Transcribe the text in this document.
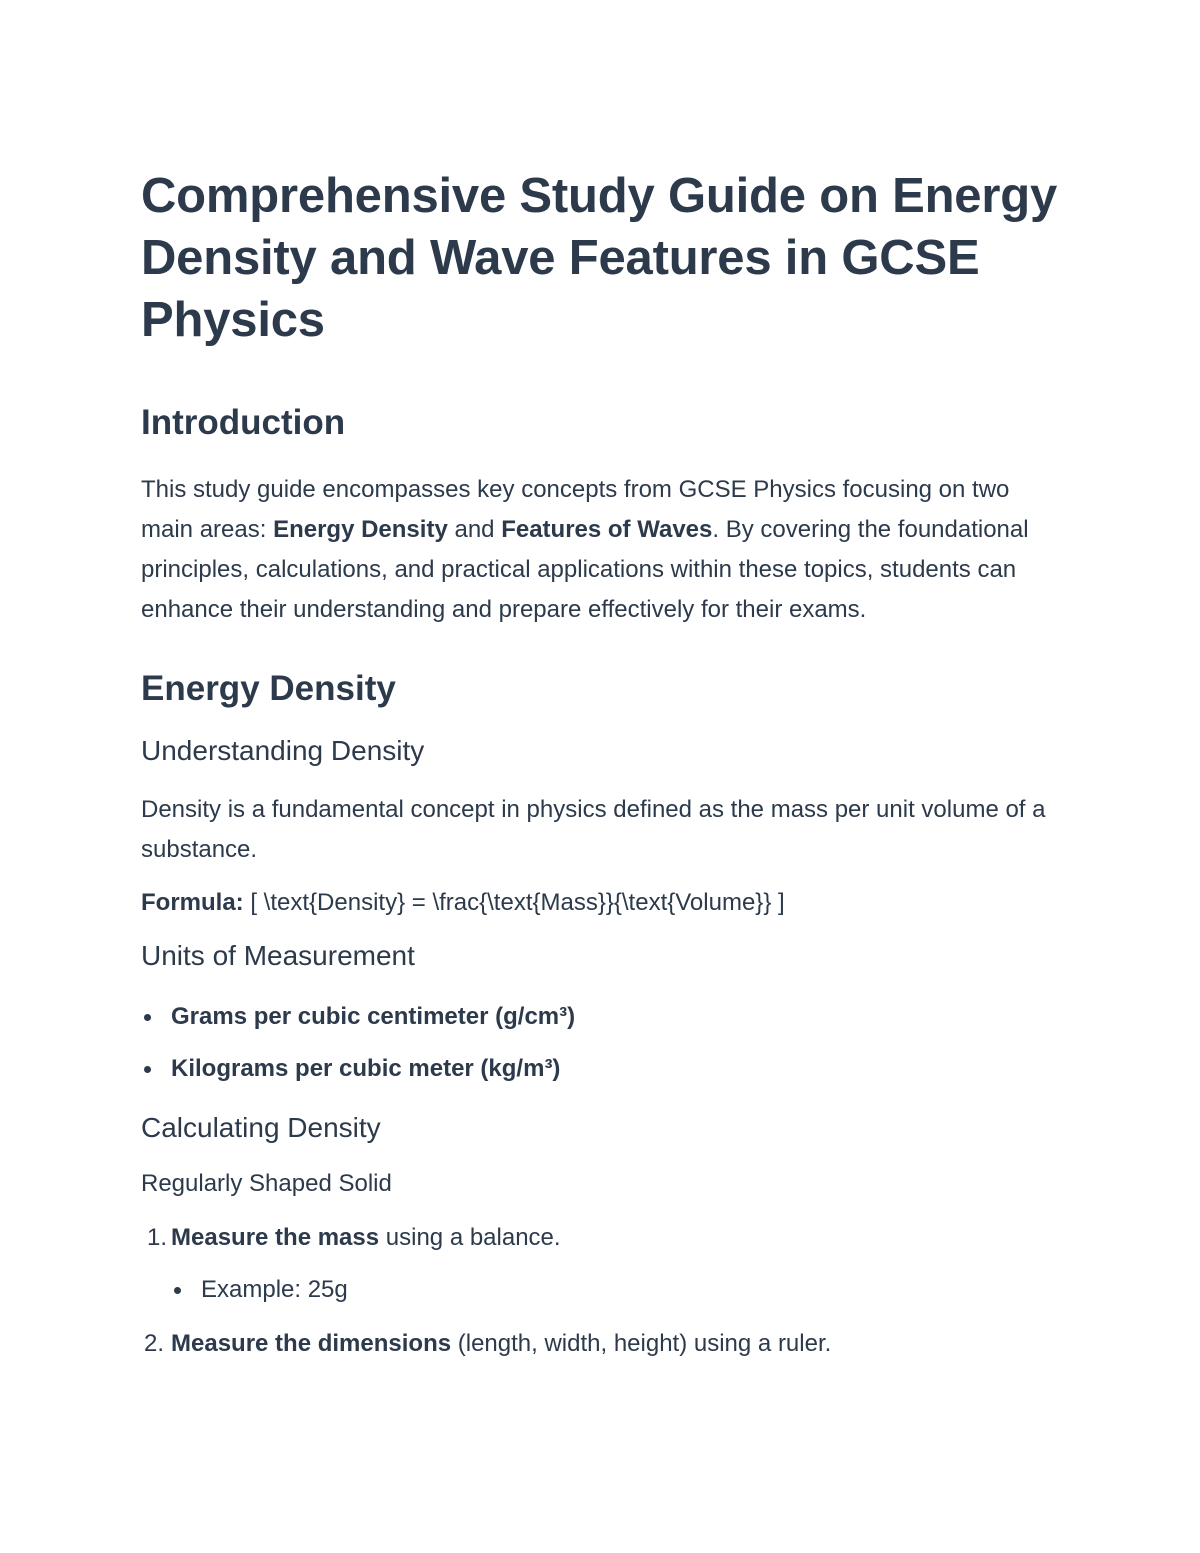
Comprehensive Study Guide on Energy Density and Wave Features in GCSE Physics
Introduction

This study guide encompasses key concepts from GCSE Physics focusing on two main areas: Energy Density and Features of Waves. By covering the foundational principles, calculations, and practical applications within these topics, students can enhance their understanding and prepare effectively for their exams.

Energy Density
Understanding Density

Density is a fundamental concept in physics defined as the mass per unit volume of a substance.

Formula: [ \text{Density} = \frac{\text{Mass}}{\text{Volume}} ]

Units of Measurement
Grams per cubic centimeter (g/cm³)
Kilograms per cubic meter (kg/m³)
Calculating Density
Regularly Shaped Solid
1. Measure the mass using a balance.
Example: 25g
2. Measure the dimensions (length, width, height) using a ruler.
